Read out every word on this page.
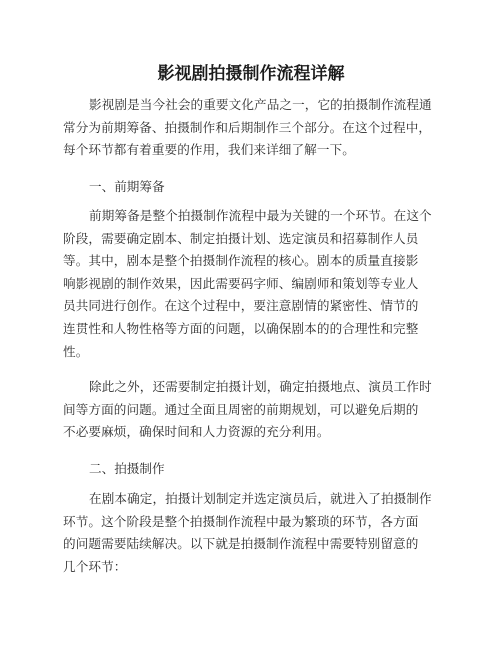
影视剧拍摄制作流程详解
影视剧是当今社会的重要文化产品之一，它的拍摄制作流程通
常分为前期筹备、拍摄制作和后期制作三个部分。在这个过程中，
每个环节都有着重要的作用，我们来详细了解一下。
一、前期筹备
前期筹备是整个拍摄制作流程中最为关键的一个环节。在这个
阶段，需要确定剧本、制定拍摄计划、选定演员和招募制作人员
等。其中，剧本是整个拍摄制作流程的核心。剧本的质量直接影
响影视剧的制作效果，因此需要码字师、编剧师和策划等专业人
员共同进行创作。在这个过程中，要注意剧情的紧密性、情节的
连贯性和人物性格等方面的问题，以确保剧本的的合理性和完整
性。
除此之外，还需要制定拍摄计划，确定拍摄地点、演员工作时
间等方面的问题。通过全面且周密的前期规划，可以避免后期的
不必要麻烦，确保时间和人力资源的充分利用。
二、拍摄制作
在剧本确定，拍摄计划制定并选定演员后，就进入了拍摄制作
环节。这个阶段是整个拍摄制作流程中最为繁琐的环节，各方面
的问题需要陆续解决。以下就是拍摄制作流程中需要特别留意的
几个环节：
